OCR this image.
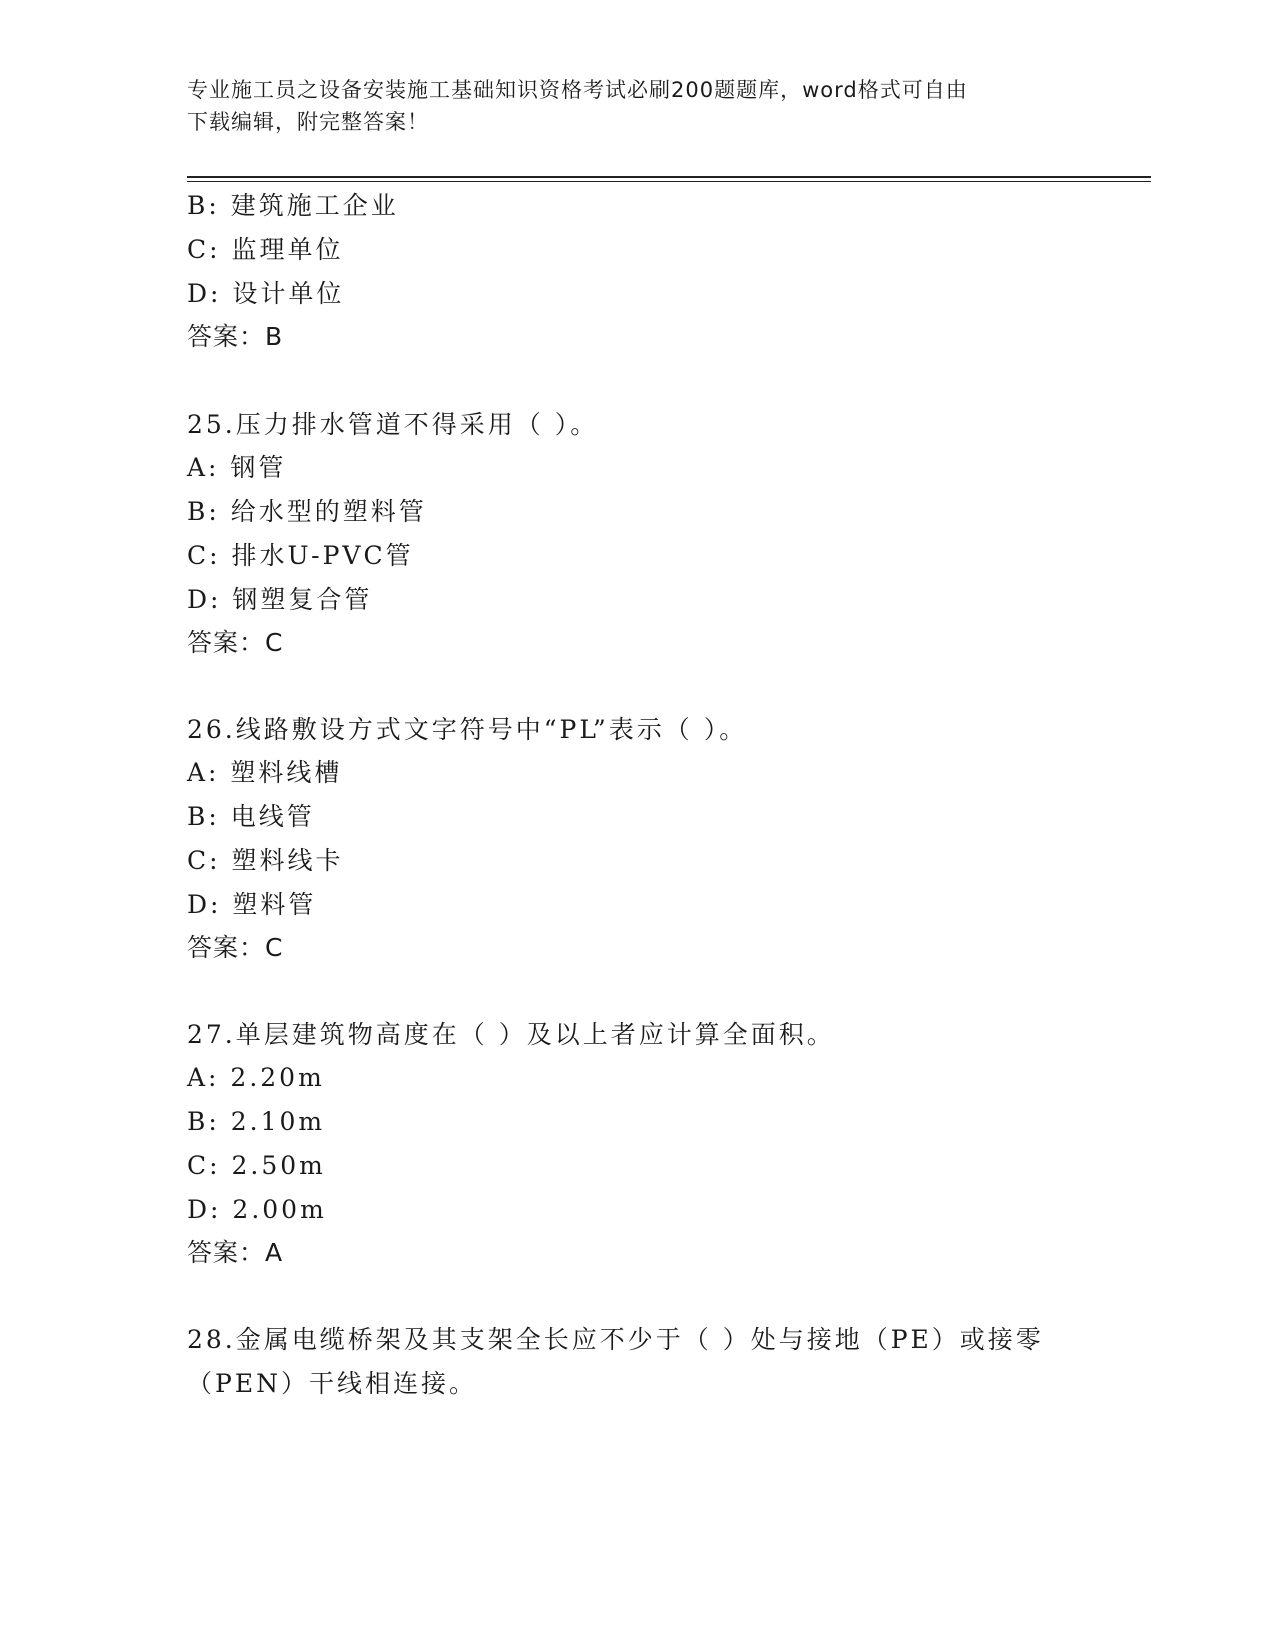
专业施工员之设备安装施工基础知识资格考试必刷200题题库，word格式可自由
下载编辑，附完整答案！
B: 建筑施工企业
C: 监理单位
D: 设计单位
答案：B
25.压力排水管道不得采用（ ）。
A: 钢管
B: 给水型的塑料管
C: 排水U-PVC管
D: 钢塑复合管
答案：C
26.线路敷设方式文字符号中“PL”表示（ ）。
A: 塑料线槽
B: 电线管
C: 塑料线卡
D: 塑料管
答案：C
27.单层建筑物高度在（ ）及以上者应计算全面积。
A: 2.20m
B: 2.10m
C: 2.50m
D: 2.00m
答案：A
28.金属电缆桥架及其支架全长应不少于（ ）处与接地（PE）或接零
（PEN）干线相连接。
